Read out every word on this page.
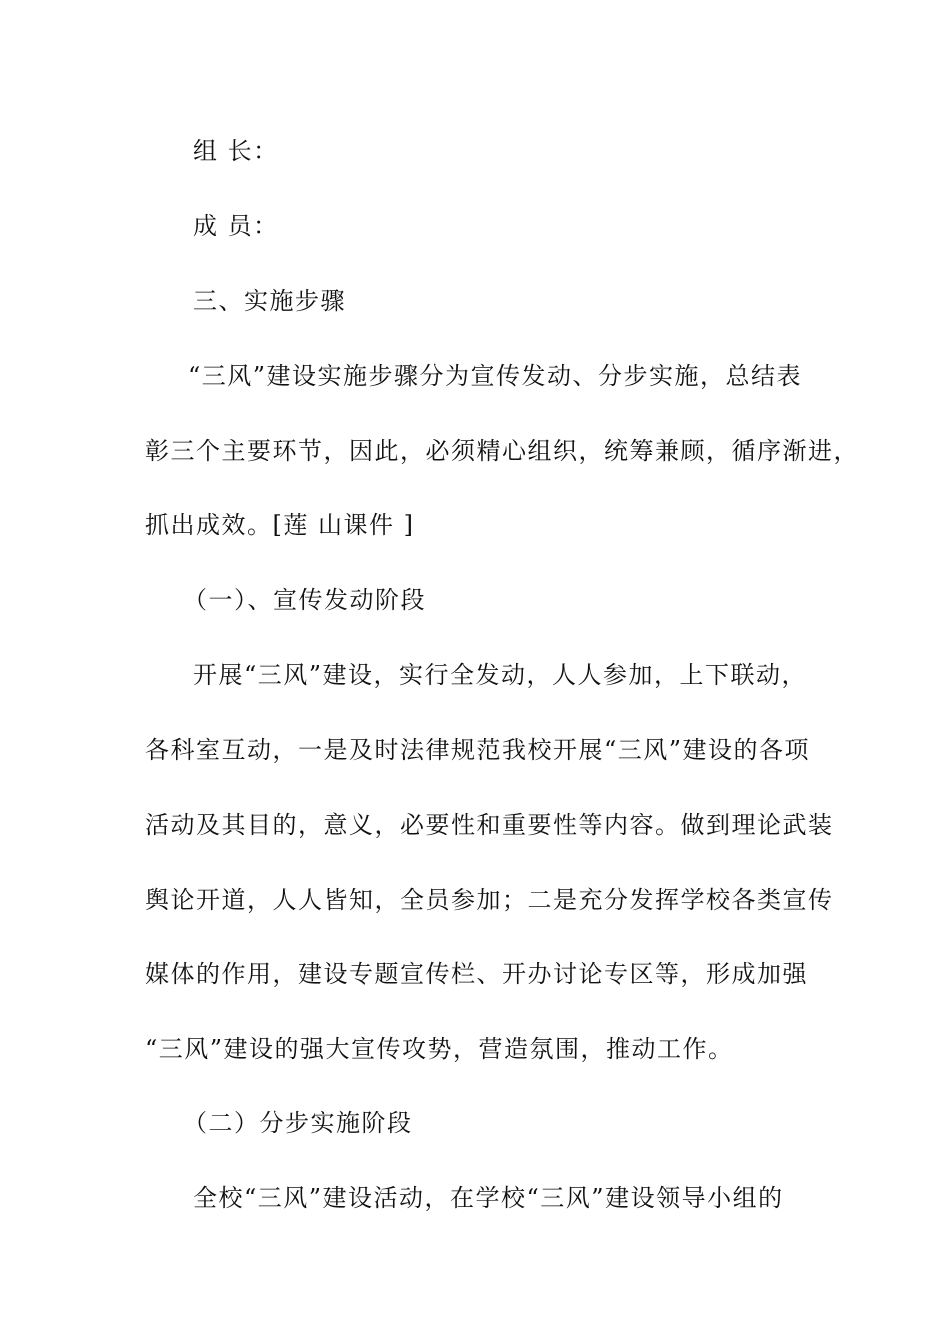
组 长：
成 员：
三、实施步骤
“三风”建设实施步骤分为宣传发动、分步实施，总结表
彰三个主要环节，因此，必须精心组织，统筹兼顾，循序渐进，
抓出成效。[莲 山课件 ]
（一）、宣传发动阶段
开展“三风”建设，实行全发动，人人参加，上下联动，
各科室互动，一是及时法律规范我校开展“三风”建设的各项
活动及其目的，意义，必要性和重要性等内容。做到理论武装
舆论开道，人人皆知，全员参加；二是充分发挥学校各类宣传
媒体的作用，建设专题宣传栏、开办讨论专区等，形成加强
“三风”建设的强大宣传攻势，营造氛围，推动工作。
（二）分步实施阶段
全校“三风”建设活动，在学校“三风”建设领导小组的
